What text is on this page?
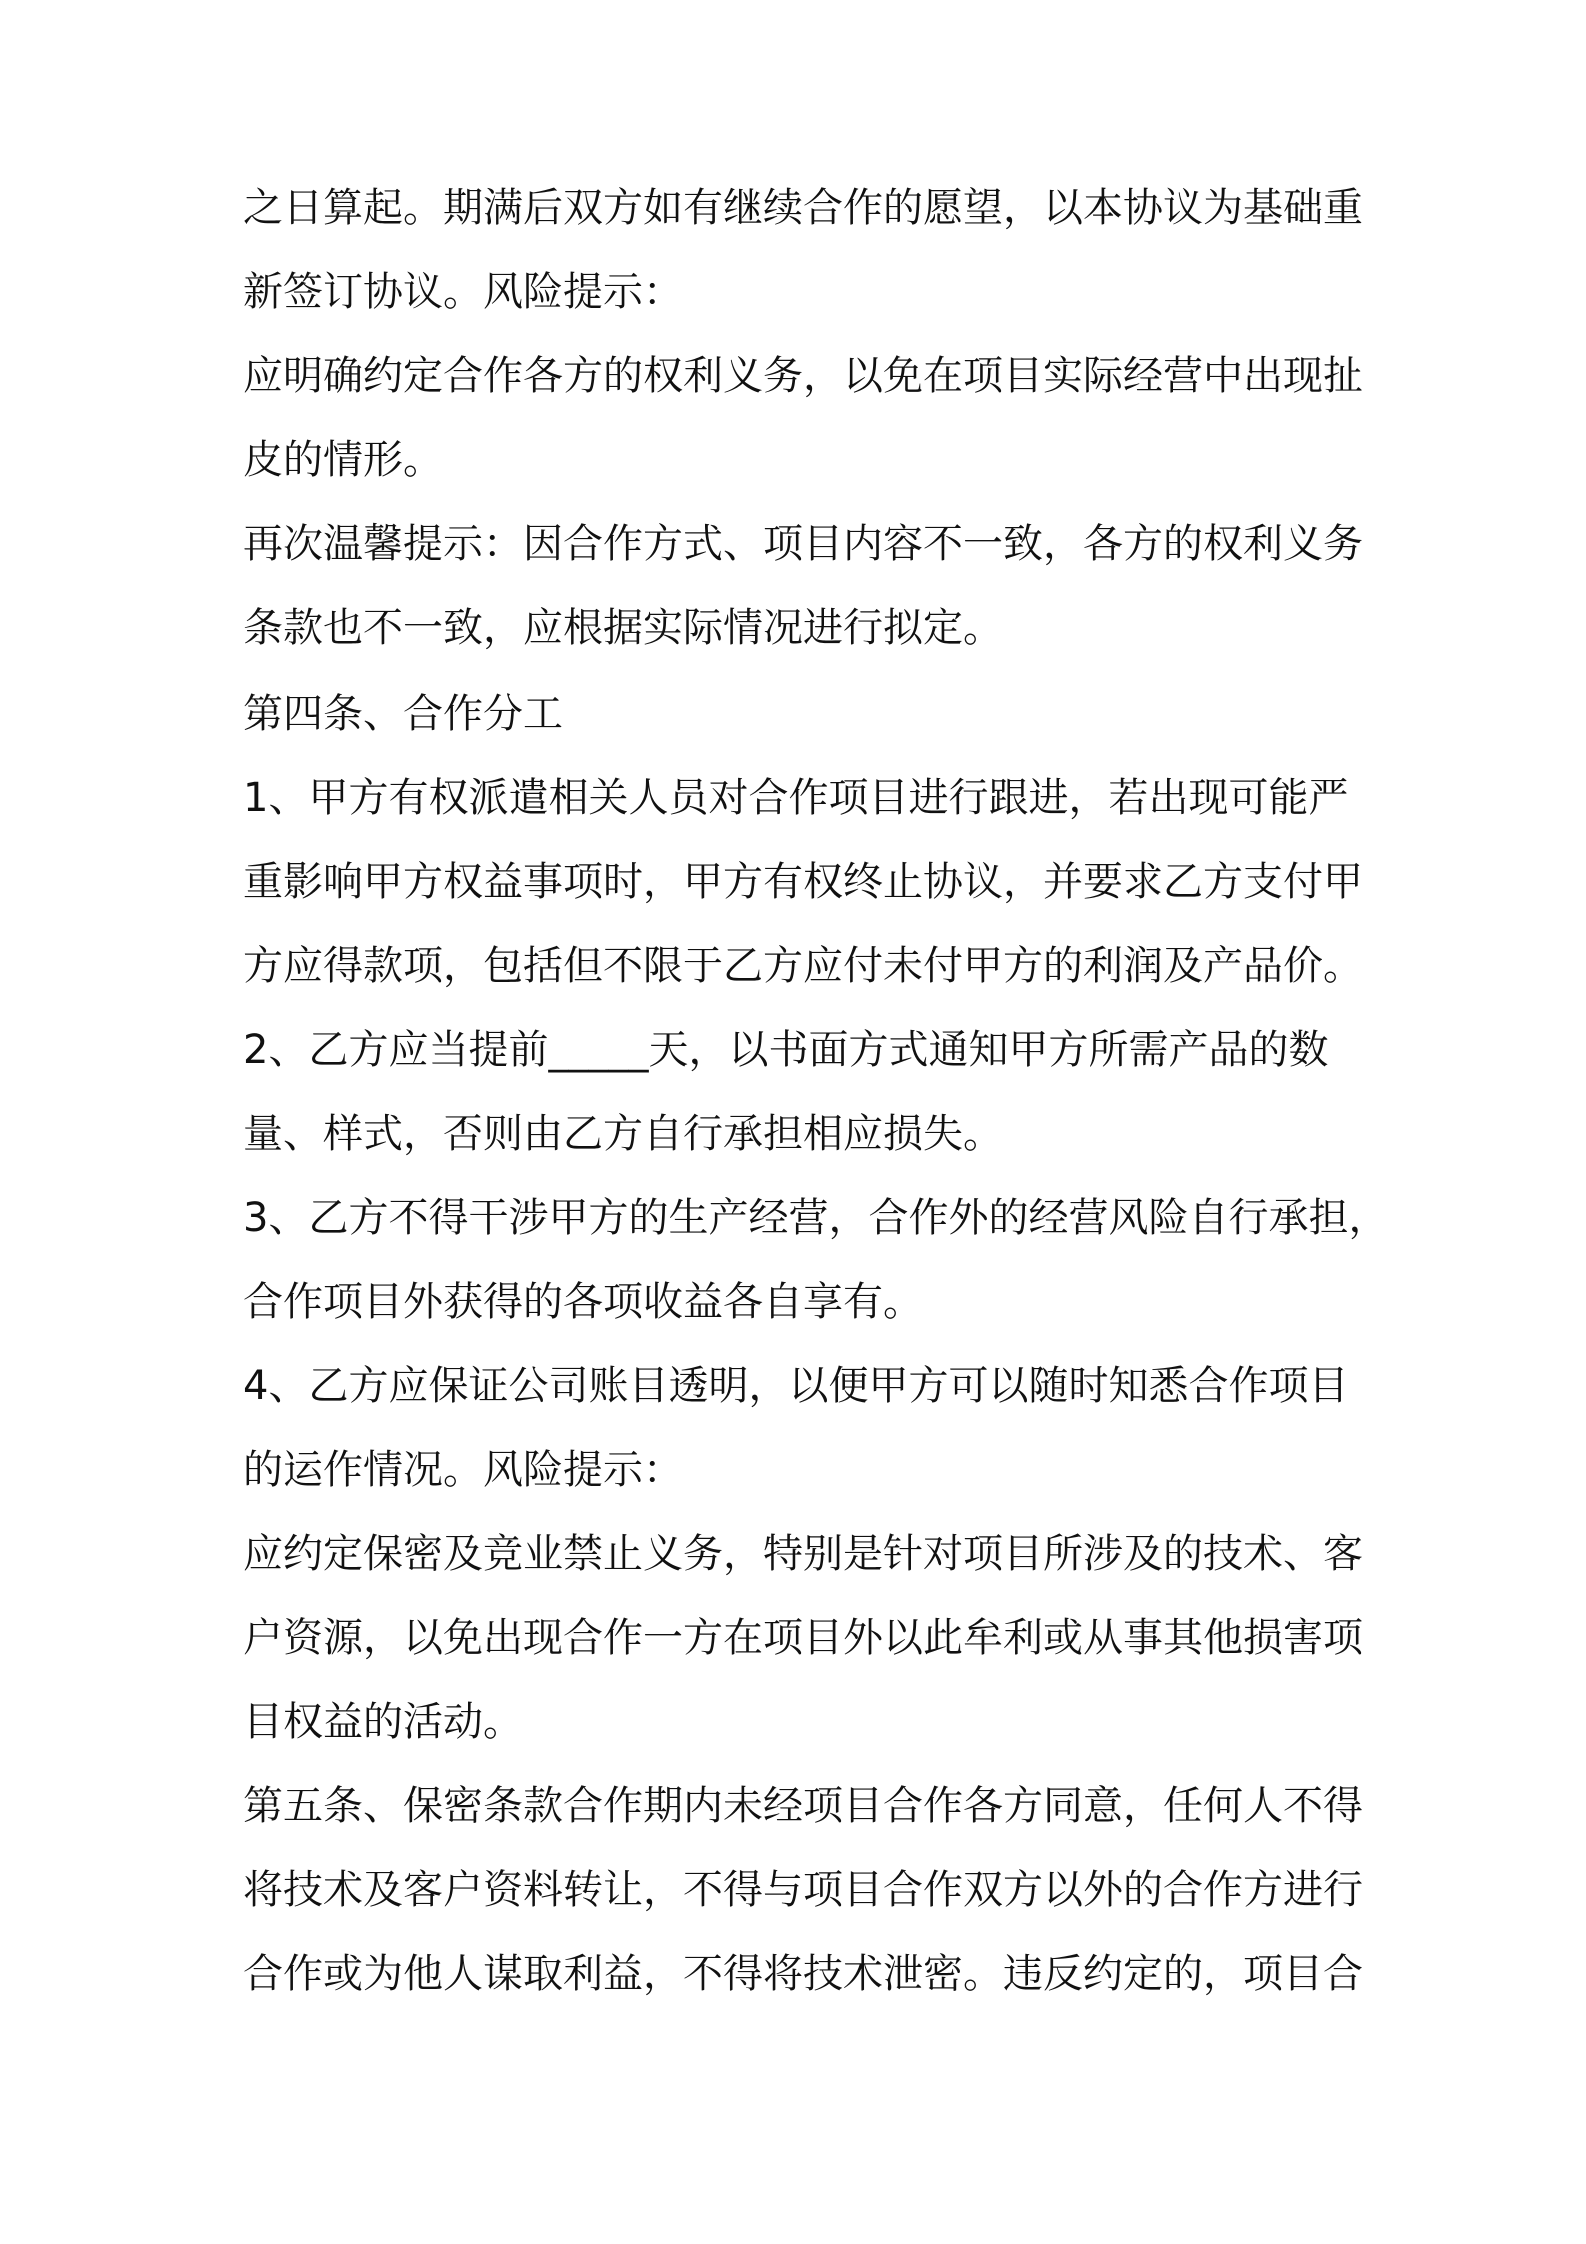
之日算起。期满后双方如有继续合作的愿望，以本协议为基础重
新签订协议。风险提示：
应明确约定合作各方的权利义务，以免在项目实际经营中出现扯
皮的情形。
再次温馨提示：因合作方式、项目内容不一致，各方的权利义务
条款也不一致，应根据实际情况进行拟定。
第四条、合作分工
1、甲方有权派遣相关人员对合作项目进行跟进，若出现可能严
重影响甲方权益事项时，甲方有权终止协议，并要求乙方支付甲
方应得款项，包括但不限于乙方应付未付甲方的利润及产品价。
2、乙方应当提前_____天，以书面方式通知甲方所需产品的数
量、样式，否则由乙方自行承担相应损失。
3、乙方不得干涉甲方的生产经营，合作外的经营风险自行承担，
合作项目外获得的各项收益各自享有。
4、乙方应保证公司账目透明，以便甲方可以随时知悉合作项目
的运作情况。风险提示：
应约定保密及竞业禁止义务，特别是针对项目所涉及的技术、客
户资源，以免出现合作一方在项目外以此牟利或从事其他损害项
目权益的活动。
第五条、保密条款合作期内未经项目合作各方同意，任何人不得
将技术及客户资料转让，不得与项目合作双方以外的合作方进行
合作或为他人谋取利益，不得将技术泄密。违反约定的，项目合
